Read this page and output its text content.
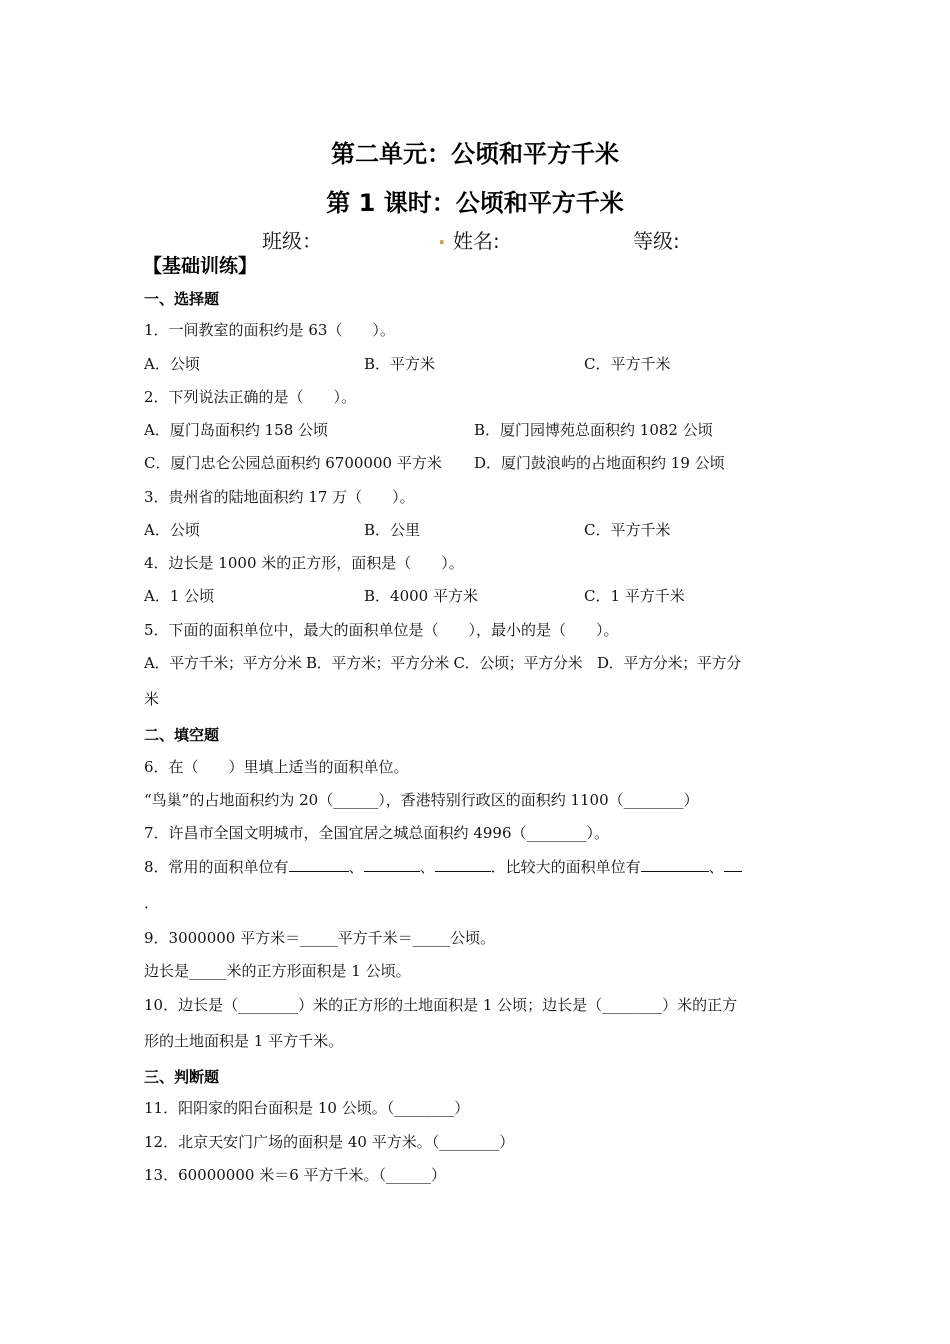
第二单元：公顷和平方千米
第 1 课时：公顷和平方千米
班级：	. 姓名:	等级:
【基础训练】
一、选择题
1．一间教室的面积约是 63（　　）。
A．公顷	B．平方米	C．平方千米
2．下列说法正确的是（　　）。
A．厦门岛面积约 158 公顷	B．厦门园博苑总面积约 1082 公顷
C．厦门忠仑公园总面积约 6700000 平方米 D．厦门鼓浪屿的占地面积约 19 公顷
3．贵州省的陆地面积约 17 万（　　）。
A．公顷	B．公里	C．平方千米
4．边长是 1000 米的正方形，面积是（　　）。
A．1 公顷	B．4000 平方米	C．1 平方千米
5．下面的面积单位中，最大的面积单位是（　　），最小的是（　　）。
A．平方千米；平方分米 B．平方米；平方分米 C．公顷；平方分米　D．平方分米；平方分
米
二、填空题
6．在（　　）里填上适当的面积单位。
“鸟巢”的占地面积约为 20（______），香港特别行政区的面积约 1100（________）
7．许昌市全国文明城市，全国宜居之城总面积约 4996（________）。
8．常用的面积单位有	、	、	．比较大的面积单位有	、
．
9．3000000 平方米＝_____平方千米＝_____公顷。
边长是_____米的正方形面积是 1 公顷。
10．边长是（________）米的正方形的土地面积是 1 公顷；边长是（________）米的正方
形的土地面积是 1 平方千米。
三、判断题
11．阳阳家的阳台面积是 10 公顷。（________）
12．北京天安门广场的面积是 40 平方米。（________）
13．60000000 米＝6 平方千米。（______）
